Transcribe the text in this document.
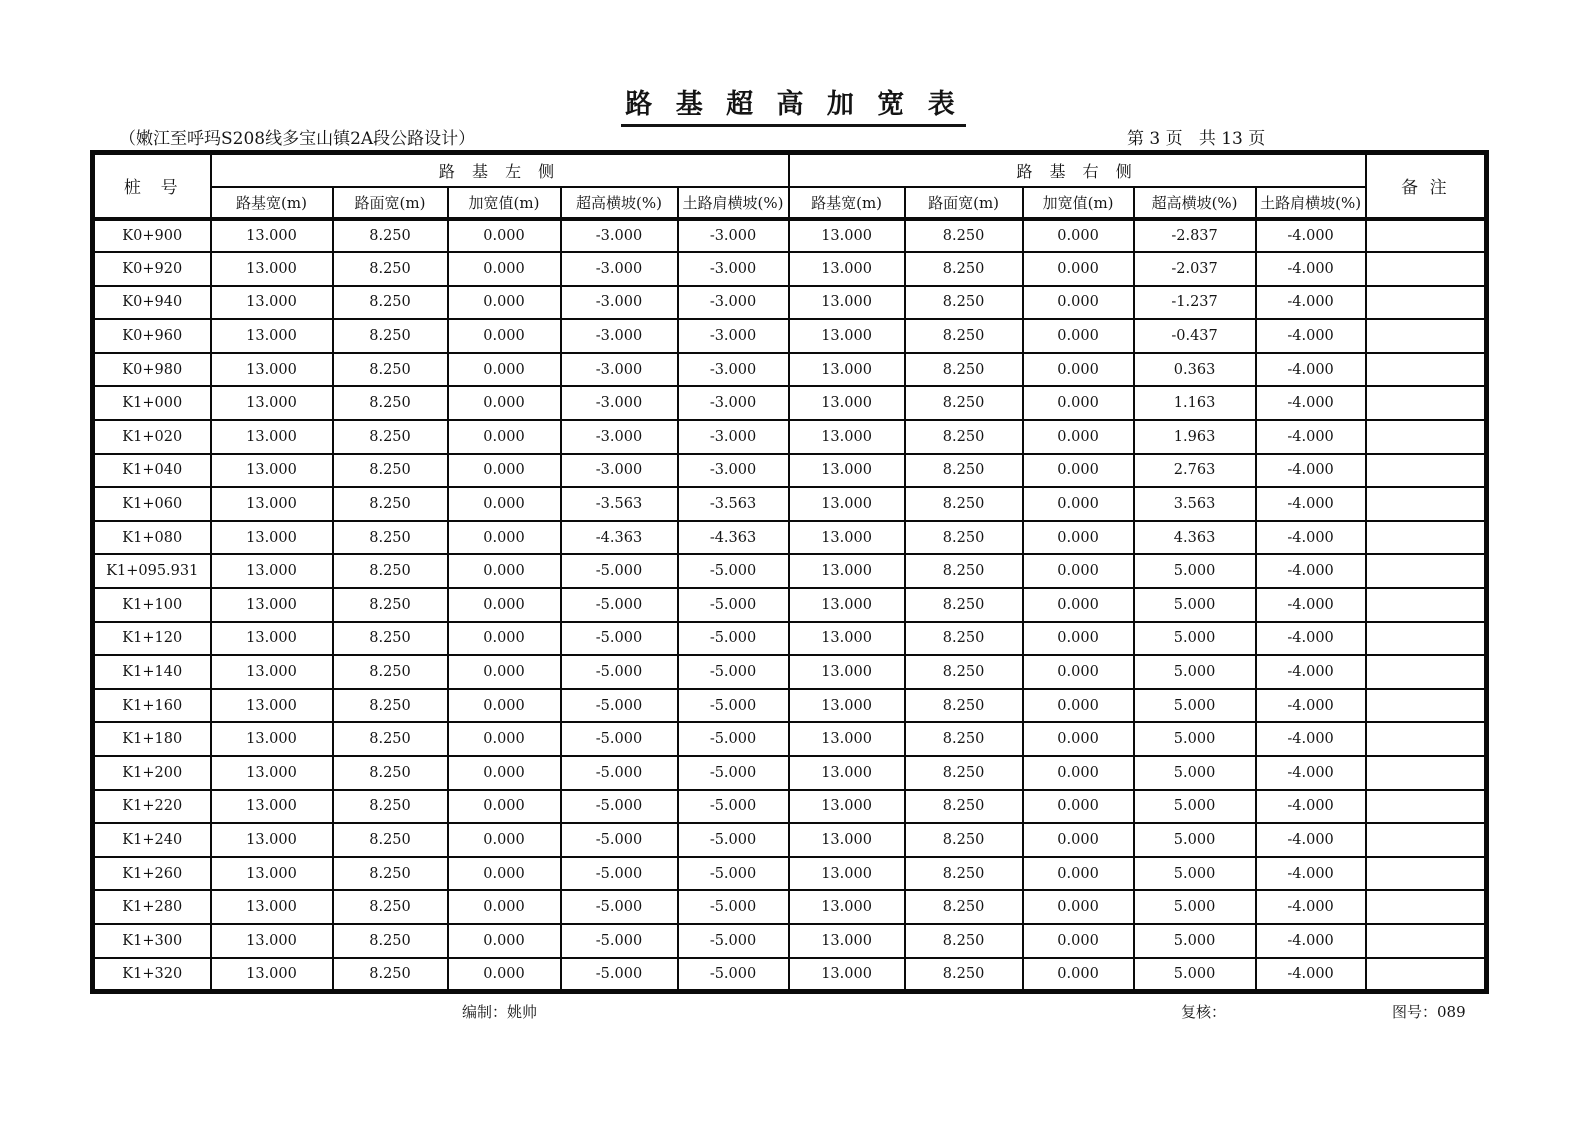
路 基 超 高 加 宽 表
（嫩江至呼玛S208线多宝山镇2A段公路设计）	第 3 页   共 13 页
桩  号	路 基 左 侧					路 基 右 侧					备 注
	路基宽(m)	路面宽(m)	加宽值(m)	超高横坡(%)	土路肩横坡(%)	路基宽(m)	路面宽(m)	加宽值(m)	超高横坡(%)	土路肩横坡(%)	
K0+900	13.000	8.250	0.000	-3.000	-3.000	13.000	8.250	0.000	-2.837	-4.000	
K0+920	13.000	8.250	0.000	-3.000	-3.000	13.000	8.250	0.000	-2.037	-4.000	
K0+940	13.000	8.250	0.000	-3.000	-3.000	13.000	8.250	0.000	-1.237	-4.000	
K0+960	13.000	8.250	0.000	-3.000	-3.000	13.000	8.250	0.000	-0.437	-4.000	
K0+980	13.000	8.250	0.000	-3.000	-3.000	13.000	8.250	0.000	0.363	-4.000	
K1+000	13.000	8.250	0.000	-3.000	-3.000	13.000	8.250	0.000	1.163	-4.000	
K1+020	13.000	8.250	0.000	-3.000	-3.000	13.000	8.250	0.000	1.963	-4.000	
K1+040	13.000	8.250	0.000	-3.000	-3.000	13.000	8.250	0.000	2.763	-4.000	
K1+060	13.000	8.250	0.000	-3.563	-3.563	13.000	8.250	0.000	3.563	-4.000	
K1+080	13.000	8.250	0.000	-4.363	-4.363	13.000	8.250	0.000	4.363	-4.000	
K1+095.931	13.000	8.250	0.000	-5.000	-5.000	13.000	8.250	0.000	5.000	-4.000	
K1+100	13.000	8.250	0.000	-5.000	-5.000	13.000	8.250	0.000	5.000	-4.000	
K1+120	13.000	8.250	0.000	-5.000	-5.000	13.000	8.250	0.000	5.000	-4.000	
K1+140	13.000	8.250	0.000	-5.000	-5.000	13.000	8.250	0.000	5.000	-4.000	
K1+160	13.000	8.250	0.000	-5.000	-5.000	13.000	8.250	0.000	5.000	-4.000	
K1+180	13.000	8.250	0.000	-5.000	-5.000	13.000	8.250	0.000	5.000	-4.000	
K1+200	13.000	8.250	0.000	-5.000	-5.000	13.000	8.250	0.000	5.000	-4.000	
K1+220	13.000	8.250	0.000	-5.000	-5.000	13.000	8.250	0.000	5.000	-4.000	
K1+240	13.000	8.250	0.000	-5.000	-5.000	13.000	8.250	0.000	5.000	-4.000	
K1+260	13.000	8.250	0.000	-5.000	-5.000	13.000	8.250	0.000	5.000	-4.000	
K1+280	13.000	8.250	0.000	-5.000	-5.000	13.000	8.250	0.000	5.000	-4.000	
K1+300	13.000	8.250	0.000	-5.000	-5.000	13.000	8.250	0.000	5.000	-4.000	
K1+320	13.000	8.250	0.000	-5.000	-5.000	13.000	8.250	0.000	5.000	-4.000	
编制：姚帅	复核：	图号：089
